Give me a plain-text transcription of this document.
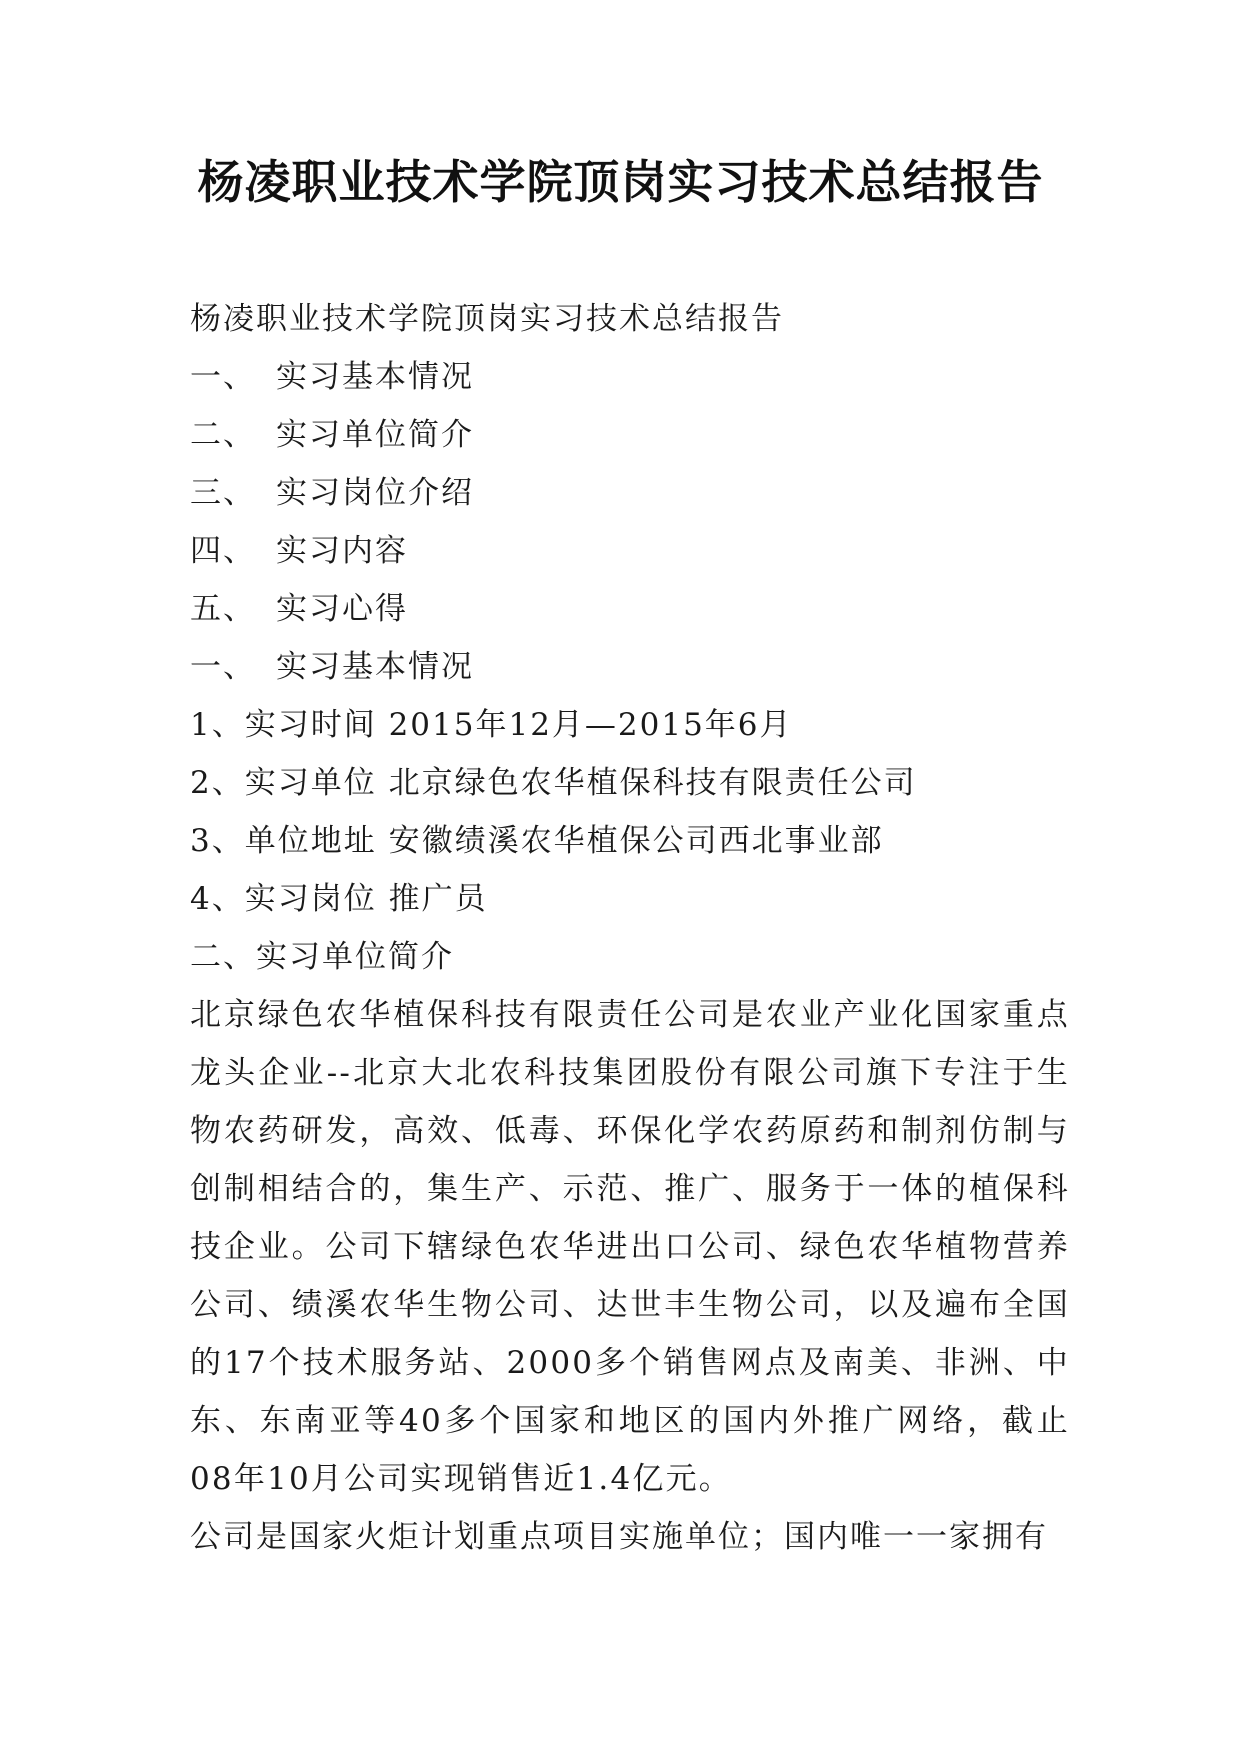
杨凌职业技术学院顶岗实习技术总结报告
杨凌职业技术学院顶岗实习技术总结报告
一、 实习基本情况
二、 实习单位简介
三、 实习岗位介绍
四、 实习内容
五、 实习心得
一、 实习基本情况
1、实习时间 2015年12月—2015年6月
2、实习单位 北京绿色农华植保科技有限责任公司
3、单位地址 安徽绩溪农华植保公司西北事业部
4、实习岗位 推广员
二、实习单位简介
北京绿色农华植保科技有限责任公司是农业产业化国家重点龙头企业--北京大北农科技集团股份有限公司旗下专注于生物农药研发，高效、低毒、环保化学农药原药和制剂仿制与创制相结合的，集生产、示范、推广、服务于一体的植保科技企业。公司下辖绿色农华进出口公司、绿色农华植物营养公司、绩溪农华生物公司、达世丰生物公司，以及遍布全国的17个技术服务站、2000多个销售网点及南美、非洲、中东、东南亚等40多个国家和地区的国内外推广网络，截止08年10月公司实现销售近1.4亿元。
公司是国家火炬计划重点项目实施单位；国内唯一一家拥有
